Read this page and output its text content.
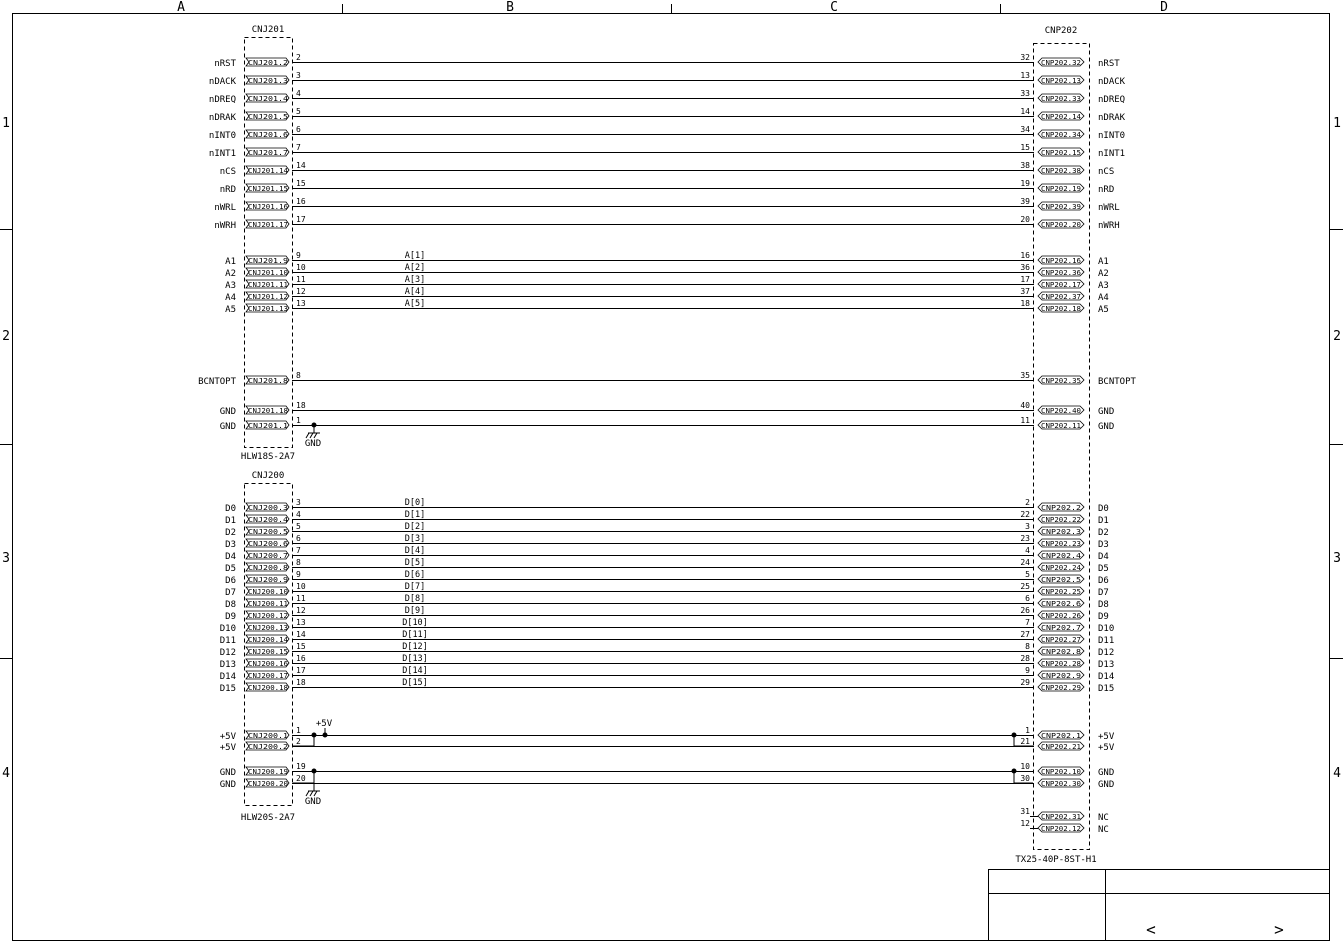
A	B	C	D
1
2
3
4
1
2
3
4
CNJ201
HLW18S-2A7
CNJ200
HLW20S-2A7
CNP202
TX25-40P-8ST-H1
nRST CNJ201.2
2	32
CNP202.32 nRST
nDACK CNJ201.3
3	13
CNP202.13 nDACK
nDREQ CNJ201.4
4	33
CNP202.33 nDREQ
nDRAK CNJ201.5
5	14
CNP202.14 nDRAK
nINT0 CNJ201.6
6	34
CNP202.34 nINT0
nINT1 CNJ201.7
7	15
CNP202.15 nINT1
nCS CNJ201.14
14	38
CNP202.38 nCS
nRD CNJ201.15
15	19
CNP202.19 nRD
nWRL CNJ201.16
16	39
CNP202.39 nWRL
nWRH CNJ201.17
17	20
CNP202.20 nWRH
A1 CNJ201.9
9	A[1]	16
CNP202.16 A1
A2 CNJ201.10
10	A[2]	36
CNP202.36 A2
A3 CNJ201.11
11	A[3]	17
CNP202.17 A3
A4 CNJ201.12
12	A[4]	37
CNP202.37 A4
A5 CNJ201.13
13	A[5]	18
CNP202.18 A5
BCNTOPT CNJ201.8
8	35
CNP202.35 BCNTOPT
GND CNJ201.18
18	40
CNP202.40 GND
GND CNJ201.1
1	11
CNP202.11 GND
D0 CNJ200.3
3	D[0]	2
CNP202.2 D0
D1 CNJ200.4
4	D[1]	22
CNP202.22 D1
D2 CNJ200.5
5	D[2]	3
CNP202.3 D2
D3 CNJ200.6
6	D[3]	23
CNP202.23 D3
D4 CNJ200.7
7	D[4]	4
CNP202.4 D4
D5 CNJ200.8
8	D[5]	24
CNP202.24 D5
D6 CNJ200.9
9	D[6]	5
CNP202.5 D6
D7 CNJ200.10
10	D[7]	25
CNP202.25 D7
D8 CNJ200.11
11	D[8]	6
CNP202.6 D8
D9 CNJ200.12
12	D[9]	26
CNP202.26 D9
D10 CNJ200.13
13	D[10]	7
CNP202.7 D10
D11 CNJ200.14
14	D[11]	27
CNP202.27 D11
D12 CNJ200.15
15	D[12]	8
CNP202.8 D12
D13 CNJ200.16
16	D[13]	28
CNP202.28 D13
D14 CNJ200.17
17	D[14]	9
CNP202.9 D14
D15 CNJ200.18
18	D[15]	29
CNP202.29 D15
+5V CNJ200.1
1	1
CNP202.1 +5V
+5V CNJ200.2
2	21
CNP202.21 +5V
GND CNJ200.19
19	10
CNP202.10 GND
GND CNJ200.20
20	30
CNP202.30 GND
31
CNP202.31 NC
12
CNP202.12 NC
GND
GND
+5V
<	>
